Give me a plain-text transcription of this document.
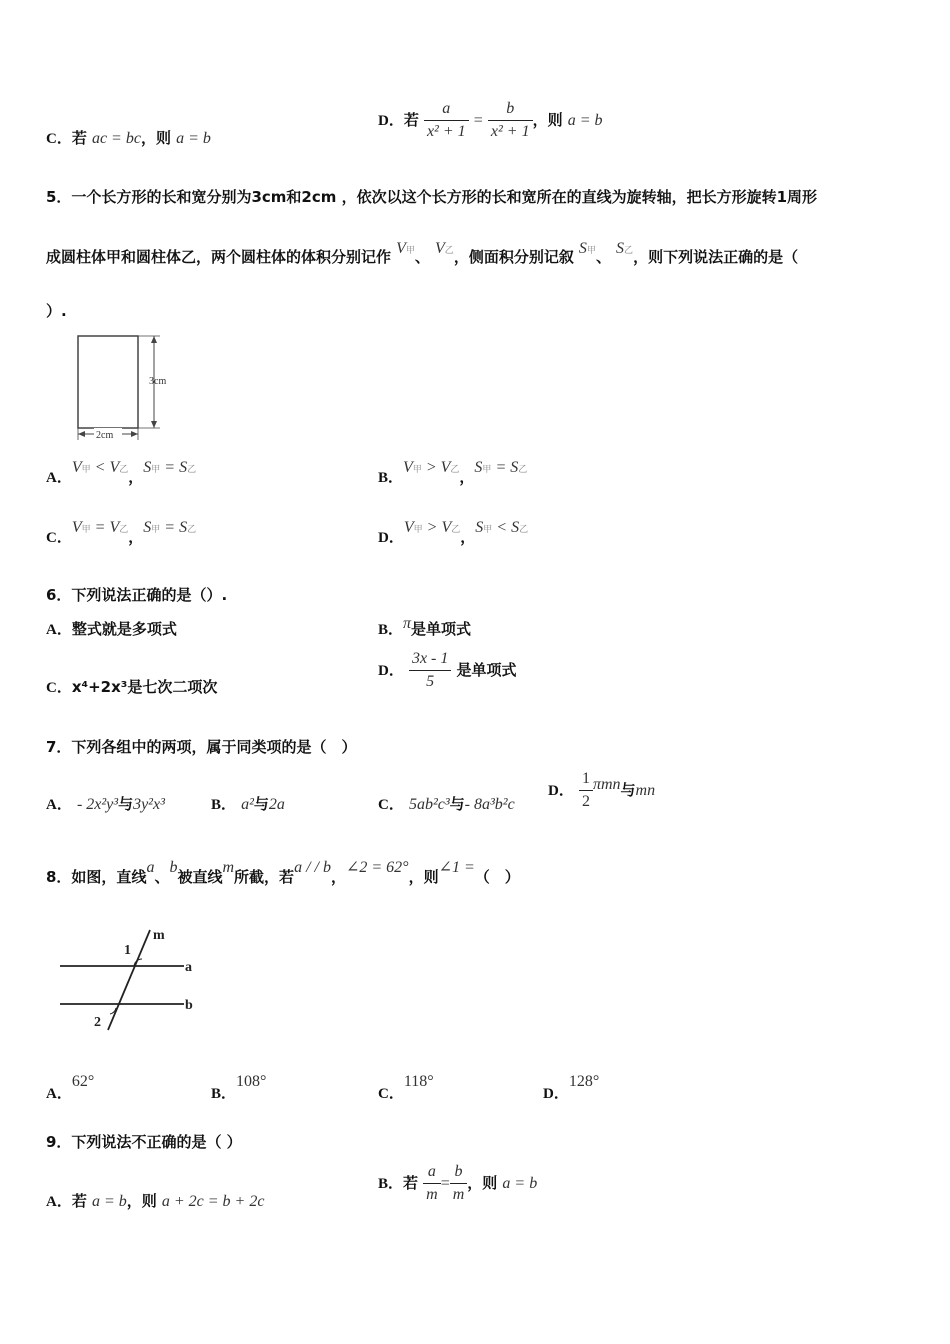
C．若 ac = bc，则 a = b
D．若 $\frac{a}{\text{x² + 1}} = \frac{b}{\text{x² + 1}}$ ，则 a = b
5．一个长方形的长和宽分别为3cm和2cm ，依次以这个长方形的长和宽所在的直线为旋转轴，把长方形旋转1周形
成圆柱体甲和圆柱体乙，两个圆柱体的体积分别记作 V甲、 V乙，侧面积分别记叙 S甲、 S乙，则下列说法正确的是（
）.
3cm
2cm
A．V甲 < V乙，S甲 = S乙
B．V甲 > V乙，S甲 = S乙
C．V甲 = V乙，S甲 = S乙
D．V甲 > V乙，S甲 < S乙
6．下列说法正确的是（）.
A．整式就是多项式	B．π是单项式
C．x⁴+2x³是七次二项次
D． $\frac{3x - 1}{5}$ 是单项式
7．下列各组中的两项，属于同类项的是（　）
A． - 2x²y³与3y²x³	B． a²与2a	C． 5ab²c³与- 8a³b²c
D． $\frac{1}{2}$ πmn与mn
8．如图，直线a、b被直线m所截，若a / / b，∠2 = 62°，则∠1 =（　）
m
a
b
1
2
A．62°
B．108°
C．118°
D．128°
9．下列说法不正确的是（ ）
A．若 a = b，则 a + 2c = b + 2c
B．若 $\frac{a}{m} = \frac{b}{m}$ ，则 a = b
